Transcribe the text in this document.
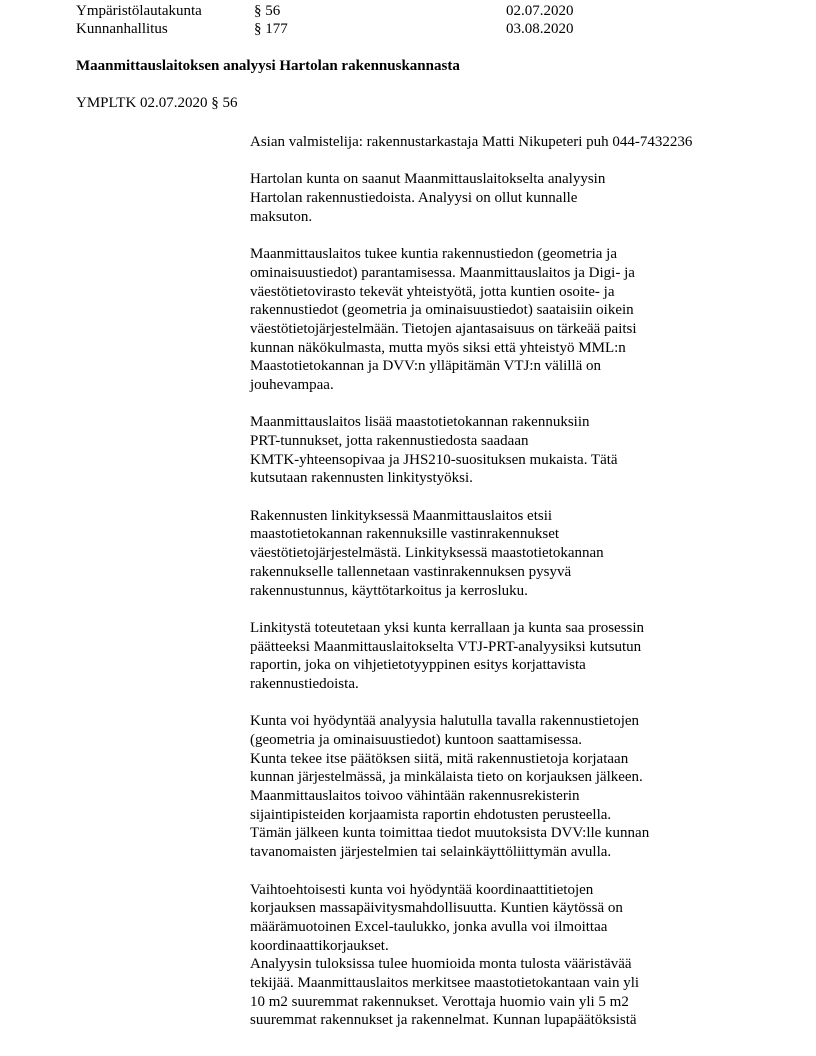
Ympäristölautakunta	§ 56	02.07.2020
Kunnanhallitus	§ 177	03.08.2020
Maanmittauslaitoksen analyysi Hartolan rakennuskannasta
YMPLTK 02.07.2020 § 56
Asian valmistelija: rakennustarkastaja Matti Nikupeteri puh 044-7432236
Hartolan kunta on saanut Maanmittauslaitokselta analyysin
Hartolan rakennustiedoista. Analyysi on ollut kunnalle
maksuton.
Maanmittauslaitos tukee kuntia rakennustiedon (geometria ja
ominaisuustiedot) parantamisessa. Maanmittauslaitos ja Digi- ja
väestötietovirasto tekevät yhteistyötä, jotta kuntien osoite- ja
rakennustiedot (geometria ja ominaisuustiedot) saataisiin oikein
väestötietojärjestelmään. Tietojen ajantasaisuus on tärkeää paitsi
kunnan näkökulmasta, mutta myös siksi että yhteistyö MML:n
Maastotietokannan ja DVV:n ylläpitämän VTJ:n välillä on
jouhevampaa.
Maanmittauslaitos lisää maastotietokannan rakennuksiin
PRT-tunnukset, jotta rakennustiedosta saadaan
KMTK-yhteensopivaa ja JHS210-suosituksen mukaista. Tätä
kutsutaan rakennusten linkitystyöksi.
Rakennusten linkityksessä Maanmittauslaitos etsii
maastotietokannan rakennuksille vastinrakennukset
väestötietojärjestelmästä. Linkityksessä maastotietokannan
rakennukselle tallennetaan vastinrakennuksen pysyvä
rakennustunnus, käyttötarkoitus ja kerrosluku.
Linkitystä toteutetaan yksi kunta kerrallaan ja kunta saa prosessin
päätteeksi Maanmittauslaitokselta VTJ-PRT-analyysiksi kutsutun
raportin, joka on vihjetietotyyppinen esitys korjattavista
rakennustiedoista.
Kunta voi hyödyntää analyysia halutulla tavalla rakennustietojen
(geometria ja ominaisuustiedot) kuntoon saattamisessa.
Kunta tekee itse päätöksen siitä, mitä rakennustietoja korjataan
kunnan järjestelmässä, ja minkälaista tieto on korjauksen jälkeen.
Maanmittauslaitos toivoo vähintään rakennusrekisterin
sijaintipisteiden korjaamista raportin ehdotusten perusteella.
Tämän jälkeen kunta toimittaa tiedot muutoksista DVV:lle kunnan
tavanomaisten järjestelmien tai selainkäyttöliittymän avulla.
Vaihtoehtoisesti kunta voi hyödyntää koordinaattitietojen
korjauksen massapäivitysmahdollisuutta. Kuntien käytössä on
määrämuotoinen Excel-taulukko, jonka avulla voi ilmoittaa
koordinaattikorjaukset.
Analyysin tuloksissa tulee huomioida monta tulosta vääristävää
tekijää. Maanmittauslaitos merkitsee maastotietokantaan vain yli
10 m2 suuremmat rakennukset. Verottaja huomio vain yli 5 m2
suuremmat rakennukset ja rakennelmat. Kunnan lupapäätöksistä
